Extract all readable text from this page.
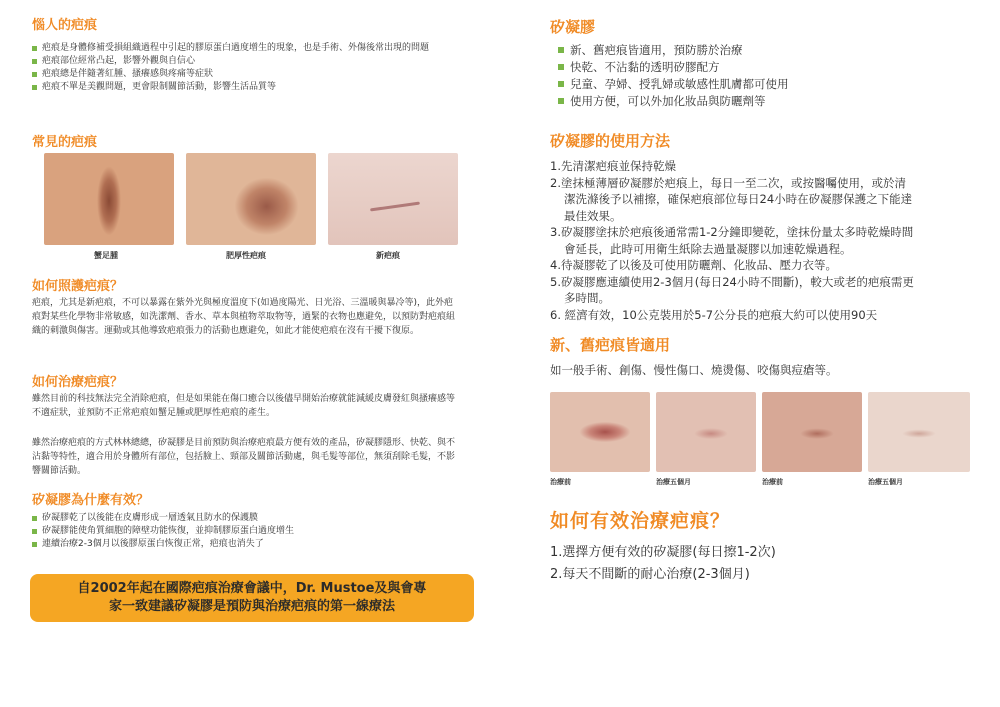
惱人的疤痕
疤痕是身體修補受損組織過程中引起的膠原蛋白過度增生的現象，也是手術、外傷後常出現的問題
疤痕部位經常凸起，影響外觀與自信心
疤痕總是伴隨著紅腫、搔癢感與疼痛等症狀
疤痕不單是美觀問題，更會限制關節活動，影響生活品質等
常見的疤痕
蟹足腫	肥厚性疤痕	新疤痕
如何照護疤痕？

疤痕，尤其是新疤痕，不可以暴露在紫外光與極度溫度下(如過度陽光、日光浴、三溫暖與暴冷等)，此外疤痕對某些化學物非常敏感，如洗潔劑、香水、草本與植物萃取物等，過緊的衣物也應避免，以預防對疤痕組織的刺激與傷害。運動或其他導致疤痕張力的活動也應避免，如此才能使疤痕在沒有干擾下復原。

如何治療疤痕？

雖然目前的科技無法完全消除疤痕，但是如果能在傷口癒合以後儘早開始治療就能減緩皮膚發紅與搔癢感等不適症狀，並預防不正常疤痕如蟹足腫或肥厚性疤痕的產生。

雖然治療疤痕的方式林林總總，矽凝膠是目前預防與治療疤痕最方便有效的產品，矽凝膠隱形、快乾、與不沾黏等特性，適合用於身體所有部位，包括臉上、頸部及關節活動處，與毛髮等部位，無須刮除毛髮，不影響關節活動。

矽凝膠為什麼有效？
矽凝膠乾了以後能在皮膚形成一層透氣且防水的保護膜
矽凝膠能使角質細胞的障壁功能恢復，並抑制膠原蛋白過度增生
連續治療2-3個月以後膠原蛋白恢復正常，疤痕也消失了
自2002年起在國際疤痕治療會議中，Dr. Mustoe及與會專
家一致建議矽凝膠是預防與治療疤痕的第一線療法
矽凝膠
新、舊疤痕皆適用，預防勝於治療
快乾、不沾黏的透明矽膠配方
兒童、孕婦、授乳婦或敏感性肌膚都可使用
使用方便，可以外加化妝品與防曬劑等
矽凝膠的使用方法
1.先清潔疤痕並保持乾燥
2.塗抹極薄層矽凝膠於疤痕上，每日一至二次，或按醫囑使用，或於清
潔洗滌後予以補擦，確保疤痕部位每日24小時在矽凝膠保護之下能達
最佳效果。
3.矽凝膠塗抹於疤痕後通常需1-2分鐘即變乾，塗抹份量太多時乾燥時間
會延長，此時可用衛生紙除去過量凝膠以加速乾燥過程。
4.待凝膠乾了以後及可使用防曬劑、化妝品、壓力衣等。
5.矽凝膠應連續使用2-3個月(每日24小時不間斷)，較大或老的疤痕需更
多時間。
6. 經濟有效，10公克裝用於5-7公分長的疤痕大約可以使用90天
新、舊疤痕皆適用

如一般手術、創傷、慢性傷口、燒燙傷、咬傷與痘瘡等。

治療前	治療五個月	治療前	治療五個月
如何有效治療疤痕？
1.選擇方便有效的矽凝膠(每日擦1-2次)
2.每天不間斷的耐心治療(2-3個月)
